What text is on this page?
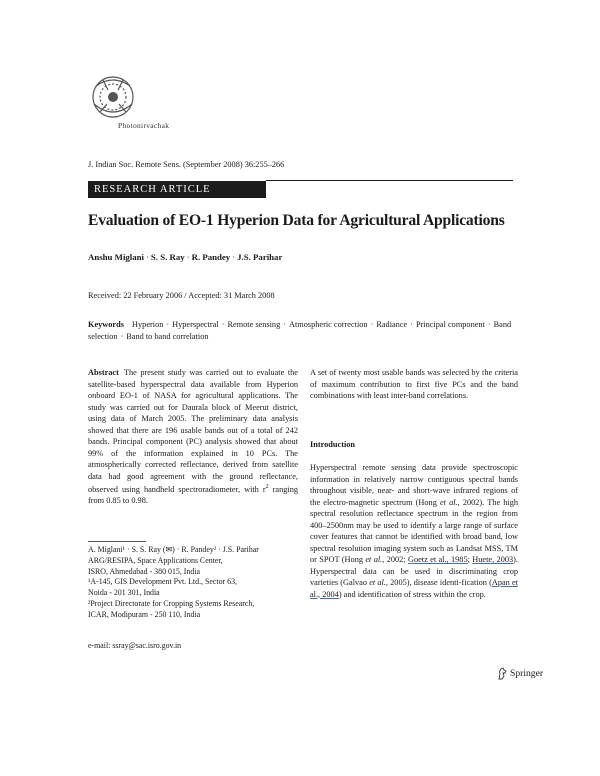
Photonirvachak
J. Indian Soc. Remote Sens. (September 2008) 36:255–266
RESEARCH ARTICLE
Evaluation of EO-1 Hyperion Data for Agricultural Applications
Anshu Miglani · S. S. Ray · R. Pandey · J.S. Parihar
Received: 22 February 2006 / Accepted: 31 March 2008
Keywords Hyperion · Hyperspectral · Remote sensing · Atmospheric correction · Radiance · Principal component · Band selection · Band to band correlation
Abstract The present study was carried out to evaluate the satellite-based hyperspectral data available from Hyperion onboard EO-1 of NASA for agricultural applications. The study was carried out for Daurala block of Meerut district, using data of March 2005. The preliminary data analysis showed that there are 196 usable bands out of a total of 242 bands. Principal component (PC) analysis showed that about 99% of the information explained in 10 PCs. The atmospherically corrected reflectance, derived from satellite data had good agreement with the ground reflectance, observed using handheld spectroradiometer, with $r^2$ ranging from 0.85 to 0.98.
A set of twenty most usable bands was selected by the criteria of maximum contribution to first five PCs and the band combinations with least inter-band correlations.
Introduction
Hyperspectral remote sensing data provide spectroscopic information in relatively narrow contiguous spectral bands throughout visible, near- and short-wave infrared regions of the electro-magnetic spectrum (Hong et al., 2002). The high spectral resolution reflectance spectrum in the region from 400–2500nm may be used to identify a large range of surface cover features that cannot be identified with broad band, low spectral resolution imaging system such as Landsat MSS, TM or SPOT (Hong et al., 2002; Goetz et al., 1985; Huete, 2003). Hyperspectral data can be used in discriminating crop varieties (Galvao et al., 2005), disease identi-fication (Apan et al., 2004) and identification of stress within the crop.
A. Miglani¹ · S. S. Ray (✉) · R. Pandey² · J.S. Parihar
ARG/RESIPA, Space Applications Center,
ISRO, Ahmedabad - 380 015, India
¹A-145, GIS Development Pvt. Ltd., Sector 63,
Noida - 201 301, India
²Project Directorate for Cropping Systems Research,
ICAR, Modipuram - 250 110, India
e-mail: ssray@sac.isro.gov.in
Springer
